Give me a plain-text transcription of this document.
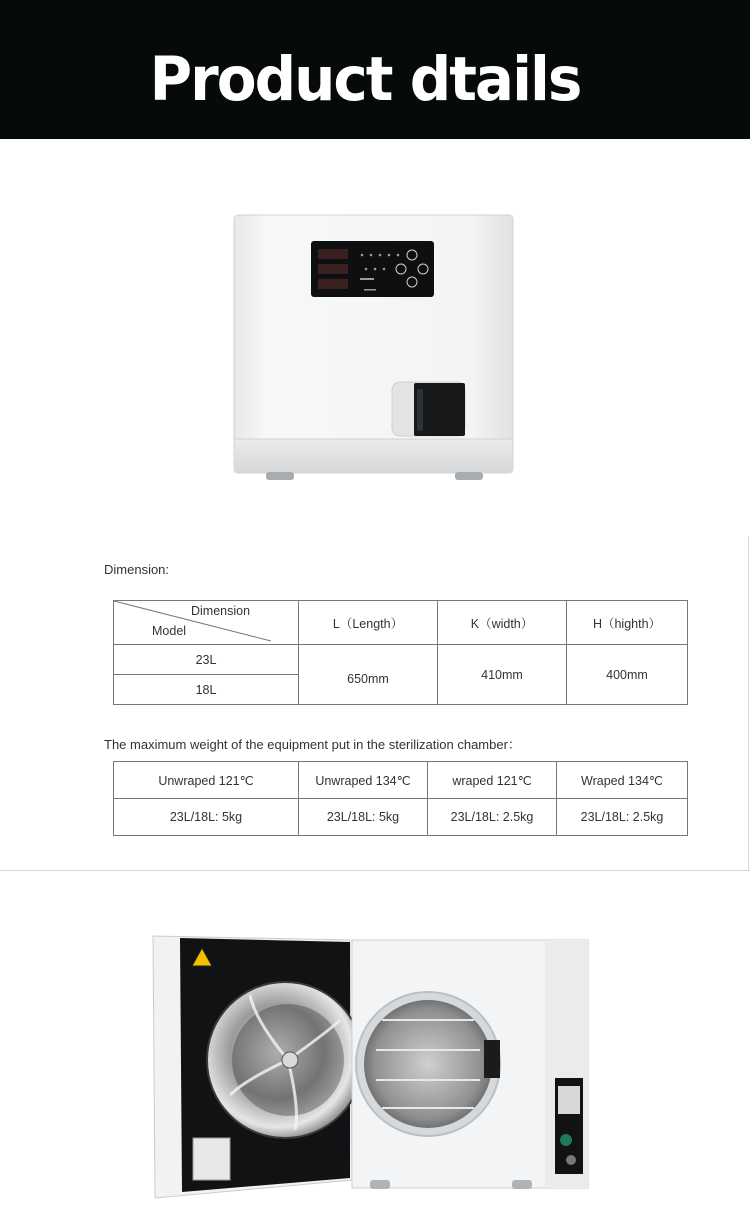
Product dtails
Dimension:
Dimension
Model	L（Length）	K（width）	H（highth）
23L	650mm	410mm	400mm
18L			
The maximum weight of the equipment put in the sterilization chamber：
Unwraped 121℃	Unwraped 134℃	wraped 121℃	Wraped 134℃
23L/18L: 5kg	23L/18L: 5kg	23L/18L: 2.5kg	23L/18L: 2.5kg
